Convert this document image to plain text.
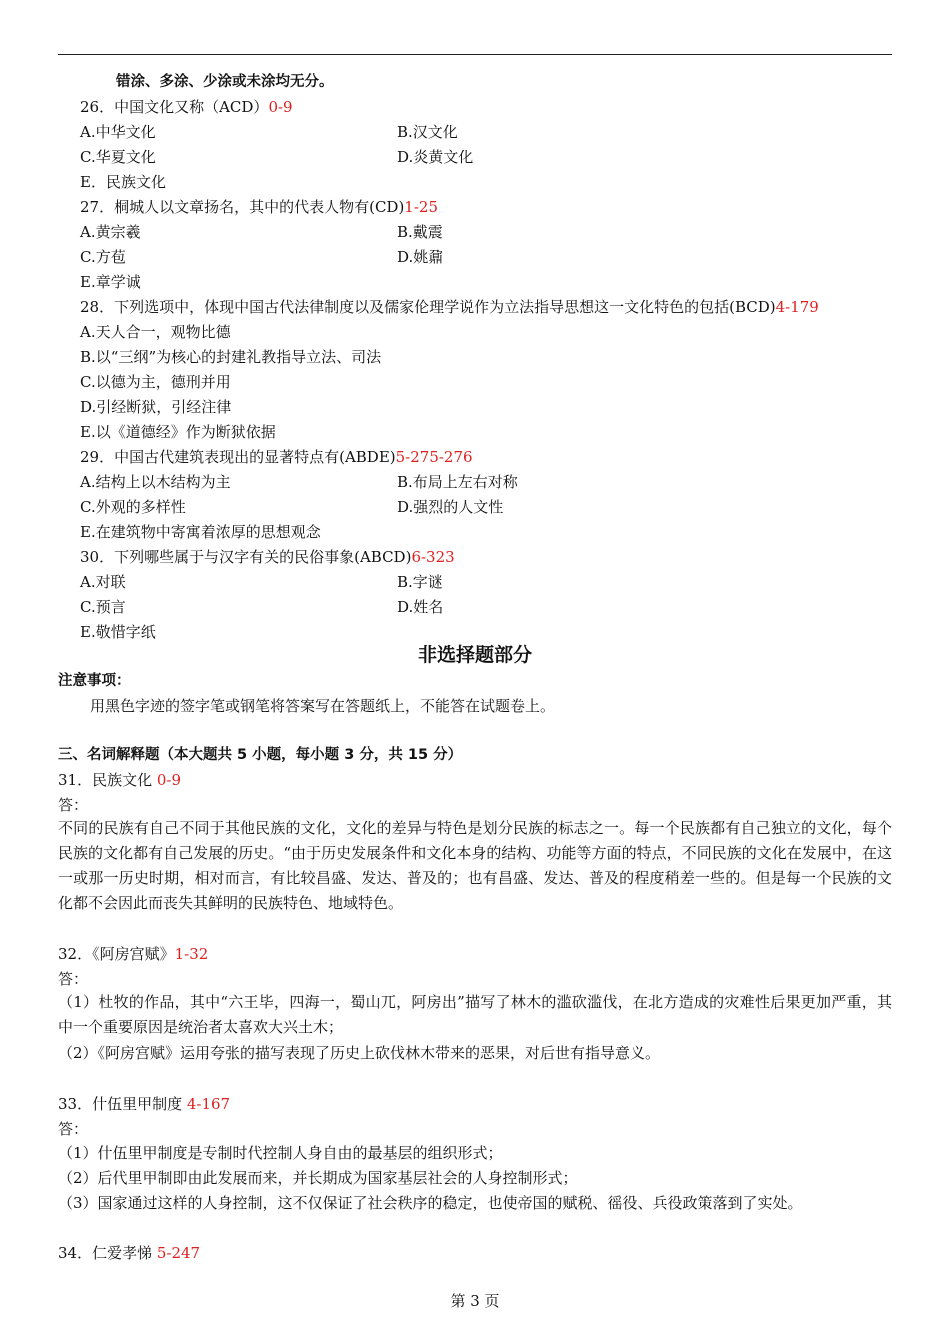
错涂、多涂、少涂或未涂均无分。
26．中国文化又称（ACD）0-9
A.中华文化	B.汉文化
C.华夏文化	D.炎黄文化
E．民族文化
27．桐城人以文章扬名，其中的代表人物有(CD)1-25
A.黄宗羲	B.戴震
C.方苞	D.姚鼐
E.章学诚
28．下列选项中，体现中国古代法律制度以及儒家伦理学说作为立法指导思想这一文化特色的包括(BCD)4-179
A.天人合一，观物比德
B.以“三纲”为核心的封建礼教指导立法、司法
C.以德为主，德刑并用
D.引经断狱，引经注律
E.以《道德经》作为断狱依据
29．中国古代建筑表现出的显著特点有(ABDE)5-275-276
A.结构上以木结构为主	B.布局上左右对称
C.外观的多样性	D.强烈的人文性
E.在建筑物中寄寓着浓厚的思想观念
30．下列哪些属于与汉字有关的民俗事象(ABCD)6-323
A.对联	B.字谜
C.预言	D.姓名
E.敬惜字纸
非选择题部分
注意事项：
用黑色字迹的签字笔或钢笔将答案写在答题纸上，不能答在试题卷上。
三、名词解释题（本大题共 5 小题，每小题 3 分，共 15 分）
31．民族文化 0-9
答：
不同的民族有自己不同于其他民族的文化，文化的差异与特色是划分民族的标志之一。每一个民族都有自己独立的文化，每个民族的文化都有自己发展的历史。“由于历史发展条件和文化本身的结构、功能等方面的特点，不同民族的文化在发展中，在这一或那一历史时期，相对而言，有比较昌盛、发达、普及的；也有昌盛、发达、普及的程度稍差一些的。但是每一个民族的文化都不会因此而丧失其鲜明的民族特色、地域特色。
32．《阿房宫赋》1-32
答：
（1）杜牧的作品，其中“六王毕，四海一，蜀山兀，阿房出”描写了林木的滥砍滥伐，在北方造成的灾难性后果更加严重，其中一个重要原因是统治者太喜欢大兴土木；
（2）《阿房宫赋》运用夸张的描写表现了历史上砍伐林木带来的恶果，对后世有指导意义。
33．什伍里甲制度 4-167
答：
（1）什伍里甲制度是专制时代控制人身自由的最基层的组织形式；
（2）后代里甲制即由此发展而来，并长期成为国家基层社会的人身控制形式；
（3）国家通过这样的人身控制，这不仅保证了社会秩序的稳定，也使帝国的赋税、徭役、兵役政策落到了实处。
34．仁爱孝悌 5-247
第 3 页
